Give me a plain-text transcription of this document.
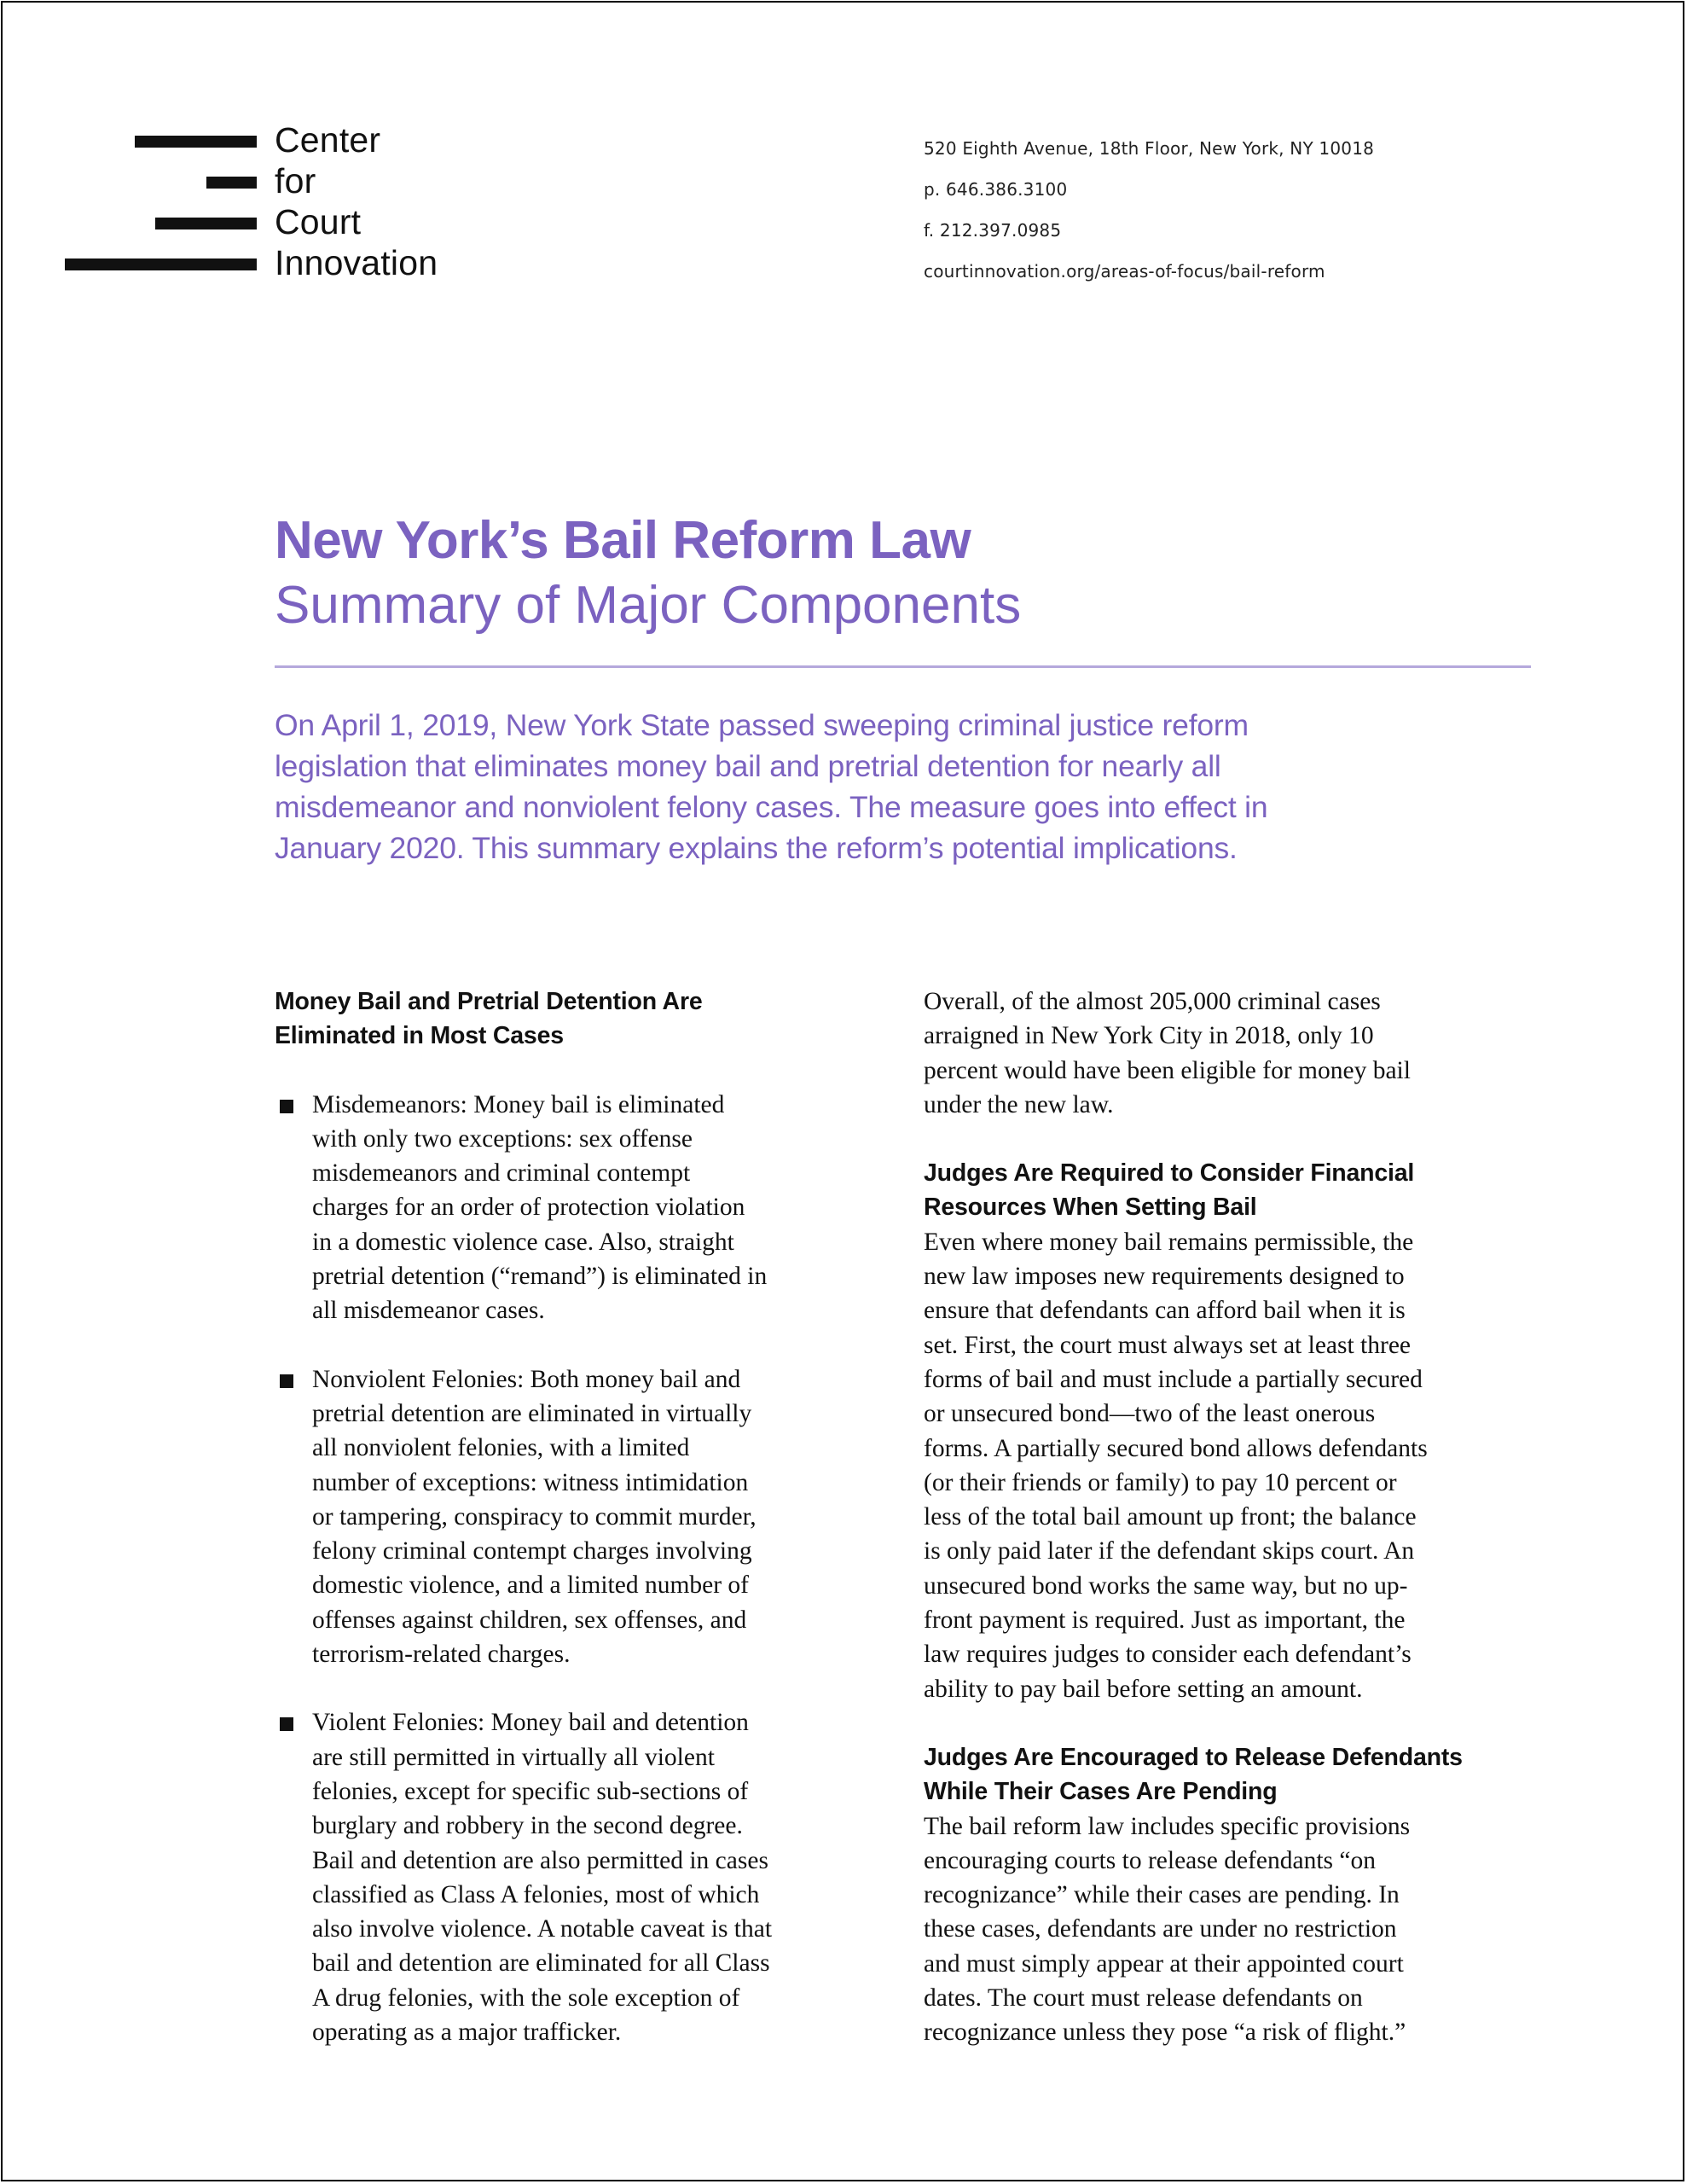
Center
for
Court
Innovation
520 Eighth Avenue, 18th Floor, New York, NY 10018
p. 646.386.3100
f. 212.397.0985
courtinnovation.org/areas-of-focus/bail-reform
New York’s Bail Reform Law
Summary of Major Components
On April 1, 2019, New York State passed sweeping criminal justice reform
legislation that eliminates money bail and pretrial detention for nearly all
misdemeanor and nonviolent felony cases. The measure goes into effect in
January 2020. This summary explains the reform’s potential implications.
Money Bail and Pretrial Detention Are
Eliminated in Most Cases
Misdemeanors: Money bail is eliminated
with only two exceptions: sex offense
misdemeanors and criminal contempt
charges for an order of protection violation
in a domestic violence case. Also, straight
pretrial detention (“remand”) is eliminated in
all misdemeanor cases.
Nonviolent Felonies: Both money bail and
pretrial detention are eliminated in virtually
all nonviolent felonies, with a limited
number of exceptions: witness intimidation
or tampering, conspiracy to commit murder,
felony criminal contempt charges involving
domestic violence, and a limited number of
offenses against children, sex offenses, and
terrorism-related charges.
Violent Felonies: Money bail and detention
are still permitted in virtually all violent
felonies, except for specific sub-sections of
burglary and robbery in the second degree.
Bail and detention are also permitted in cases
classified as Class A felonies, most of which
also involve violence. A notable caveat is that
bail and detention are eliminated for all Class
A drug felonies, with the sole exception of
operating as a major trafficker.
Overall, of the almost 205,000 criminal cases
arraigned in New York City in 2018, only 10
percent would have been eligible for money bail
under the new law.
Judges Are Required to Consider Financial
Resources When Setting Bail
Even where money bail remains permissible, the
new law imposes new requirements designed to
ensure that defendants can afford bail when it is
set. First, the court must always set at least three
forms of bail and must include a partially secured
or unsecured bond—two of the least onerous
forms. A partially secured bond allows defendants
(or their friends or family) to pay 10 percent or
less of the total bail amount up front; the balance
is only paid later if the defendant skips court. An
unsecured bond works the same way, but no up-
front payment is required. Just as important, the
law requires judges to consider each defendant’s
ability to pay bail before setting an amount.
Judges Are Encouraged to Release Defendants
While Their Cases Are Pending
The bail reform law includes specific provisions
encouraging courts to release defendants “on
recognizance” while their cases are pending. In
these cases, defendants are under no restriction
and must simply appear at their appointed court
dates. The court must release defendants on
recognizance unless they pose “a risk of flight.”
